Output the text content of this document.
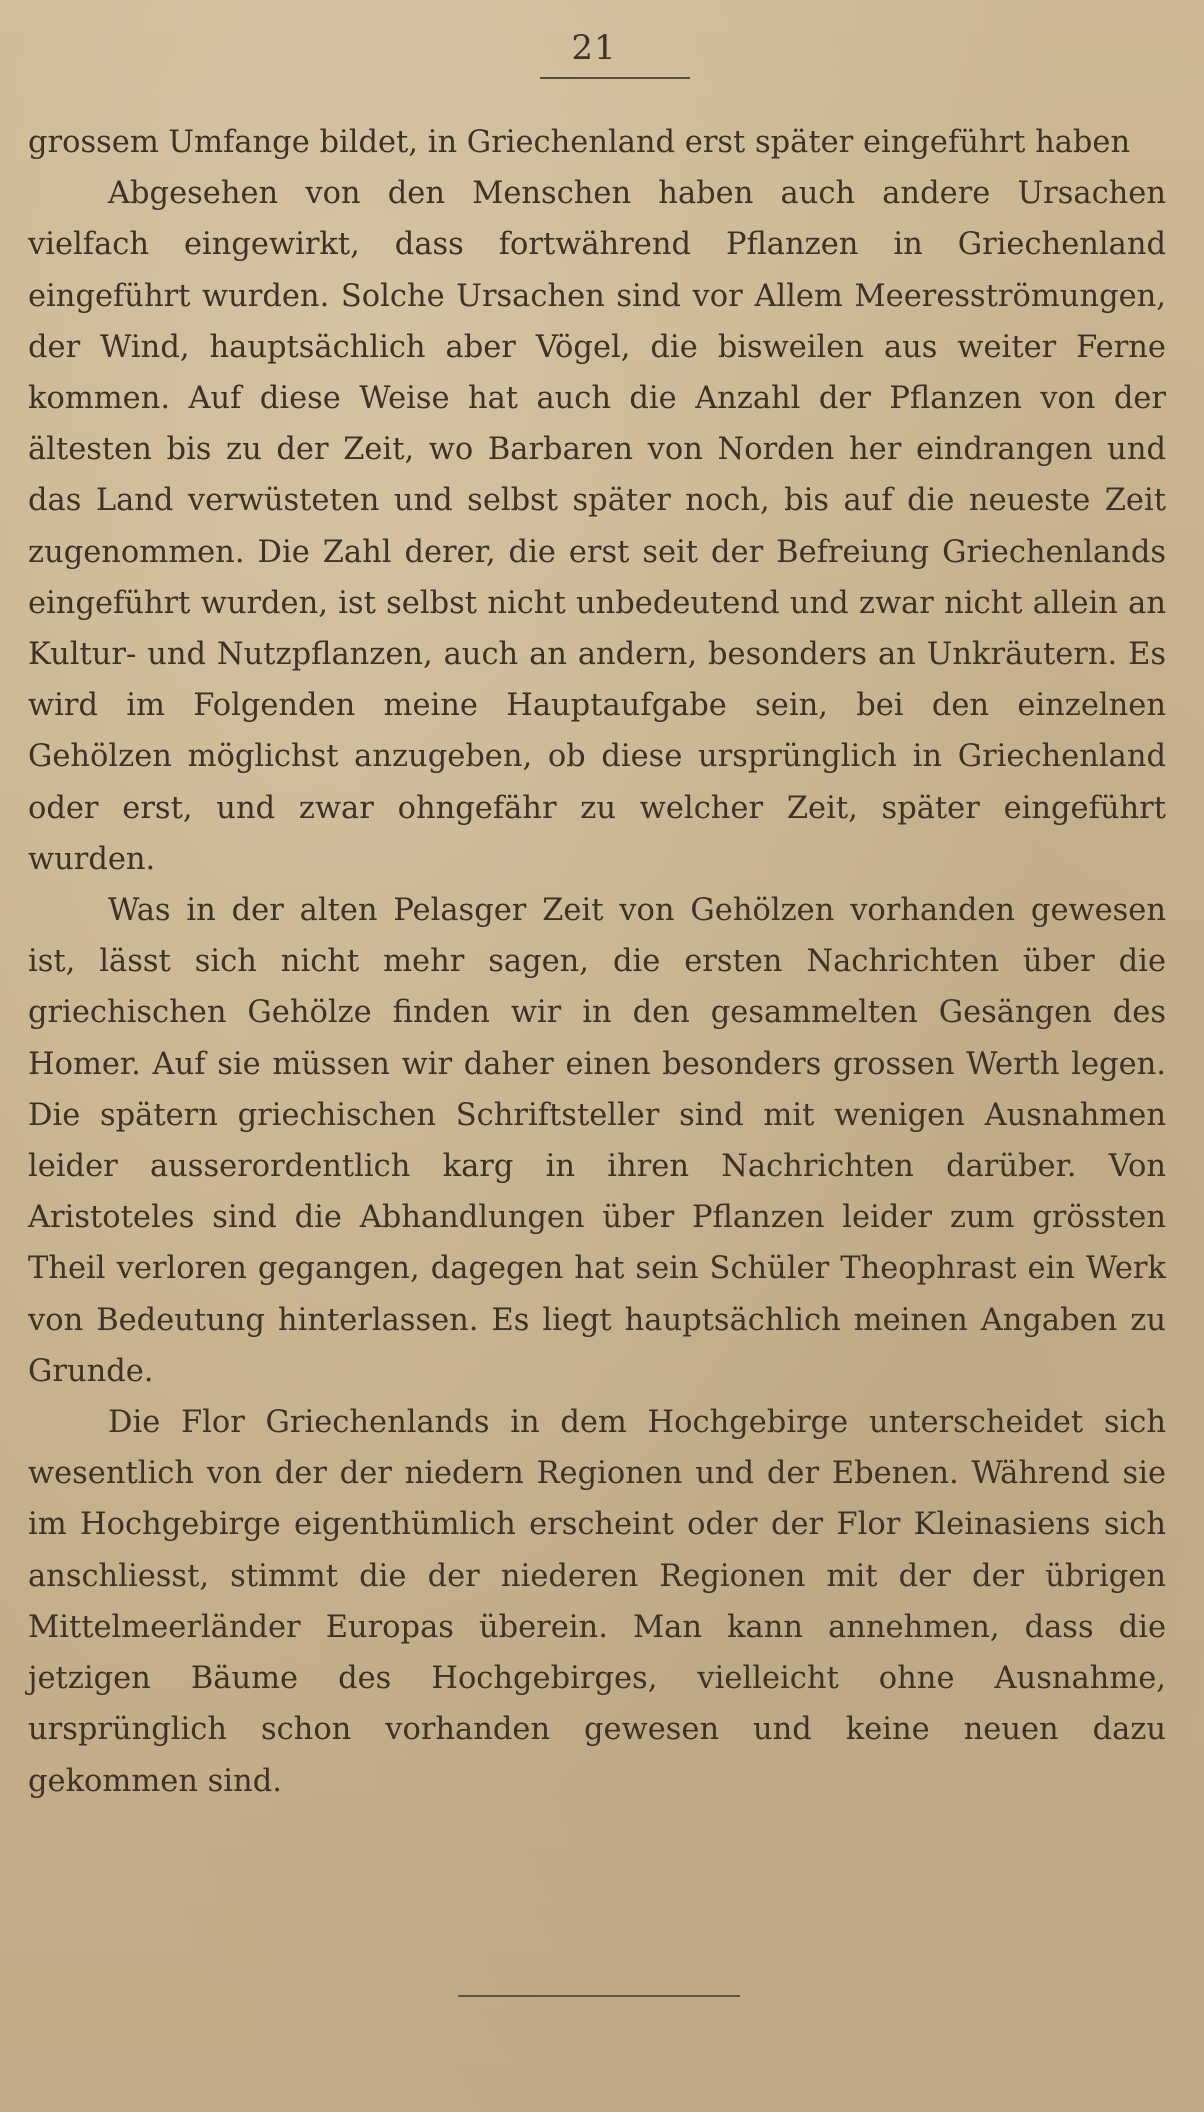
21

grossem Umfange bildet, in Griechenland erst später eingeführt haben

Abgesehen von den Menschen haben auch andere Ursachen vielfach eingewirkt, dass fortwährend Pflanzen in Griechenland eingeführt wurden. Solche Ursachen sind vor Allem Meeresströmungen, der Wind, hauptsächlich aber Vögel, die bisweilen aus weiter Ferne kommen. Auf diese Weise hat auch die Anzahl der Pflanzen von der ältesten bis zu der Zeit, wo Barbaren von Norden her eindrangen und das Land verwüsteten und selbst später noch, bis auf die neueste Zeit zugenommen. Die Zahl derer, die erst seit der Befreiung Griechenlands eingeführt wurden, ist selbst nicht unbedeutend und zwar nicht allein an Kultur- und Nutzpflanzen, auch an andern, besonders an Unkräutern. Es wird im Folgenden meine Hauptaufgabe sein, bei den einzelnen Gehölzen möglichst anzugeben, ob diese ursprünglich in Griechenland oder erst, und zwar ohngefähr zu welcher Zeit, später eingeführt wurden.

Was in der alten Pelasger Zeit von Gehölzen vorhanden gewesen ist, lässt sich nicht mehr sagen, die ersten Nachrichten über die griechischen Gehölze finden wir in den gesammelten Gesängen des Homer. Auf sie müssen wir daher einen besonders grossen Werth legen. Die spätern griechischen Schriftsteller sind mit wenigen Ausnahmen leider ausserordentlich karg in ihren Nachrichten darüber. Von Aristoteles sind die Abhandlungen über Pflanzen leider zum grössten Theil verloren gegangen, dagegen hat sein Schüler Theophrast ein Werk von Bedeutung hinterlassen. Es liegt hauptsächlich meinen Angaben zu Grunde.

Die Flor Griechenlands in dem Hochgebirge unterscheidet sich wesentlich von der der niedern Regionen und der Ebenen. Während sie im Hochgebirge eigenthümlich erscheint oder der Flor Kleinasiens sich anschliesst, stimmt die der niederen Regionen mit der der übrigen Mittelmeerländer Europas überein. Man kann annehmen, dass die jetzigen Bäume des Hochgebirges, vielleicht ohne Ausnahme, ursprünglich schon vorhanden gewesen und keine neuen dazu gekommen sind.
